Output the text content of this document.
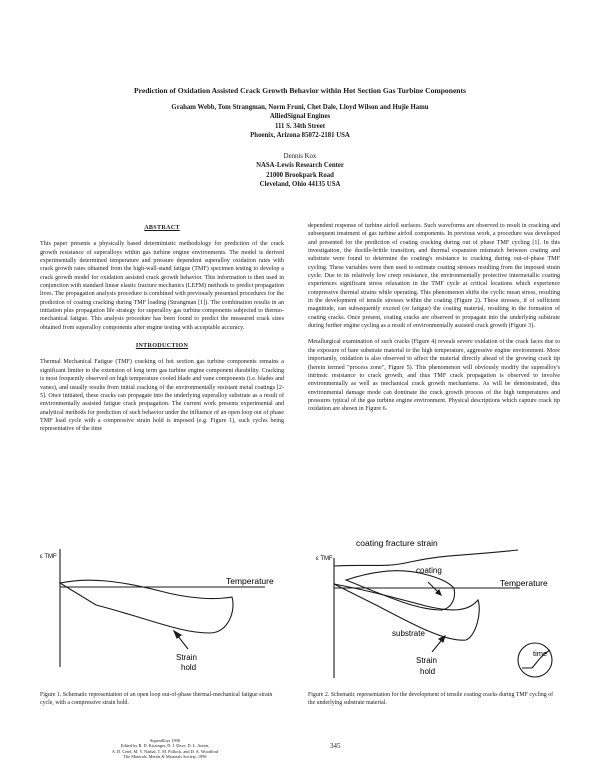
Prediction of Oxidation Assisted Crack Growth Behavior within Hot Section Gas Turbine Components
Graham Webb, Tom Strangman, Norm Fruni, Chet Dale, Lloyd Wilson and Hujie Hamu
AlliedSignal Engines
111 S. 34th Street
Phoenix, Arizona 85072-2181 USA
Dennis Kox
NASA-Lewis Research Center
21000 Brookpark Road
Cleveland, Ohio 44135 USA
ABSTRACT

This paper presents a physically based deterministic methodology for prediction of the crack growth resistance of superalloys within gas turbine engine environments. The model is derived experimentally determined temperature and pressure dependent superalloy oxidation rates with crack growth rates obtained from the high-wall-stand fatigue (TMF) specimen testing to develop a crack growth model for oxidation assisted crack growth behavior. This information is then used in conjunction with standard linear elastic fracture mechanics (LEFM) methods to predict propagation lives. The propagation analysis procedure is combined with previously presented procedures for the prediction of coating cracking during TMF loading (Strangman [1]). The combination results in an initiation plus propagation life strategy for superalloy gas turbine components subjected to thermo-mechanical fatigue. This analysis procedure has been found to predict the measured crack sizes obtained from superalloy components after engine testing with acceptable accuracy.

INTRODUCTION

Thermal Mechanical Fatigue (TMF) cracking of hot section gas turbine components remains a significant limiter to the extension of long term gas turbine engine component durability. Cracking is most frequently observed on high temperature cooled blade and vane components (i.e. blades and vanes), and usually results from initial cracking of the environmentally resistant metal coatings [2-5]. Once initiated, these cracks can propagate into the underlying superalloy substrate as a result of environmentally assisted fatigue crack propagation. The current work presents experimental and analytical methods for prediction of such behavior under the influence of an open loop out of phase TMF load cycle with a compressive strain hold is imposed (e.g. Figure 1), such cycles being representative of the time

dependent response of turbine airfoil surfaces. Such waveforms are observed to result in cracking and subsequent treatment of gas turbine airfoil components. In previous work, a procedure was developed and presented for the prediction of coating cracking during out of phase TMF cycling [1]. In this investigation, the ductile-brittle transition, and thermal expansion mismatch between coating and substrate were found to determine the coating's resistance to cracking during out-of-phase TMF cycling. These variables were then used to estimate coating stresses resulting from the imposed strain cycle. Due to its relatively low creep resistance, the environmentally protective intermetallic coating experiences significant stress relaxation in the TMF cycle at critical locations which experience compressive thermal strains while operating. This phenomenon shifts the cyclic mean stress, resulting in the development of tensile stresses within the coating (Figure 2). These stresses, if of sufficient magnitude, can subsequently exceed (or fatigue) the coating material, resulting in the formation of coating cracks. Once present, coating cracks are observed to propagate into the underlying substrate during further engine cycling as a result of environmentally assisted crack growth (Figure 3).

Metallurgical examination of such cracks (Figure 4) reveals severe oxidation of the crack faces due to the exposure of bare substrate material to the high temperature, aggressive engine environment. More importantly, oxidation is also observed to affect the material directly ahead of the growing crack tip (herein termed "process zone", Figure 5). This phenomenon will obviously modify the superalloy's intrinsic resistance to crack growth, and thus TMF crack propagation is observed to involve environmentally as well as mechanical crack growth mechanisms. As will be demonstrated, this environmental damage mode can dominate the crack growth process of the high temperatures and pressures typical of the gas turbine engine environment. Physical descriptions which capture crack tip oxidation are shown in Figure 6.

ε TMF
Temperature
Strain
hold
ε TMF
Temperature
coating fracture strain
coating
substrate
Strain
hold
time
Figure 1. Schematic representation of an open loop out-of-phase thermal-mechanical fatigue strain cycle, with a compressive strain hold.
Figure 2. Schematic representation for the development of tensile coating cracks during TMF cycling of the underlying substrate material.
Superalloys 1996
Edited by R. D. Kissinger, D. J. Deye, D. L. Anton,
A. D. Cetel, M. V. Nathal, T. M. Pollock, and D. A. Woodford
The Minerals, Metals & Materials Society, 1996
345
